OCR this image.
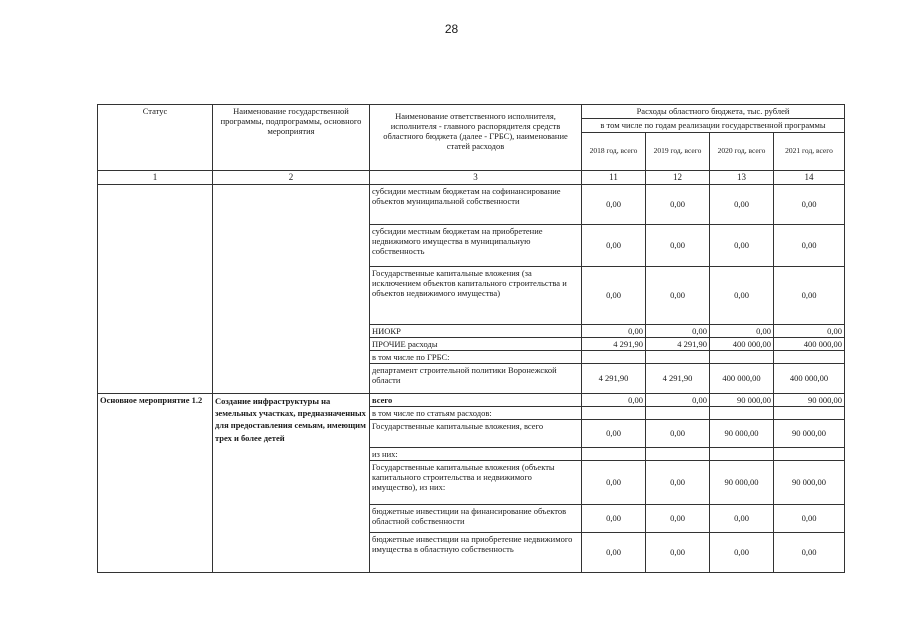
28
Статус	Наименование государственной программы, подпрограммы, основного мероприятия	Наименование ответственного исполнителя, исполнителя - главного распорядителя средств областного бюджета (далее - ГРБС), наименование статей расходов	Расходы областного бюджета, тыс. рублей			
			в том числе по годам реализации государственной программы			
			2018 год, всего	2019 год, всего	2020 год, всего	2021 год, всего
1	2	3	11	12	13	14
		субсидии местным бюджетам на софинансирование объектов муниципальной собственности	0,00	0,00	0,00	0,00
		субсидии местным бюджетам на приобретение недвижимого имущества в муниципальную собственность	0,00	0,00	0,00	0,00
		Государственные капитальные вложения (за исключением объектов капитального строительства и объектов недвижимого имущества)	0,00	0,00	0,00	0,00
		НИОКР	0,00	0,00	0,00	0,00
		ПРОЧИЕ расходы	4 291,90	4 291,90	400 000,00	400 000,00
		в том числе по ГРБС:				
		департамент строительной политики Воронежской области	4 291,90	4 291,90	400 000,00	400 000,00
Основное мероприятие 1.2	Создание инфраструктуры на земельных участках, предназначенных для предоставления семьям, имеющим трех и более детей	всего	0,00	0,00	90 000,00	90 000,00
		в том числе по статьям расходов:				
		Государственные капитальные вложения, всего	0,00	0,00	90 000,00	90 000,00
		из них:				
		Государственные капитальные вложения (объекты капитального строительства и недвижимого имущество), из них:	0,00	0,00	90 000,00	90 000,00
		бюджетные инвестиции на финансирование объектов областной собственности	0,00	0,00	0,00	0,00
		бюджетные инвестиции на приобретение недвижимого имущества в областную собственность	0,00	0,00	0,00	0,00
